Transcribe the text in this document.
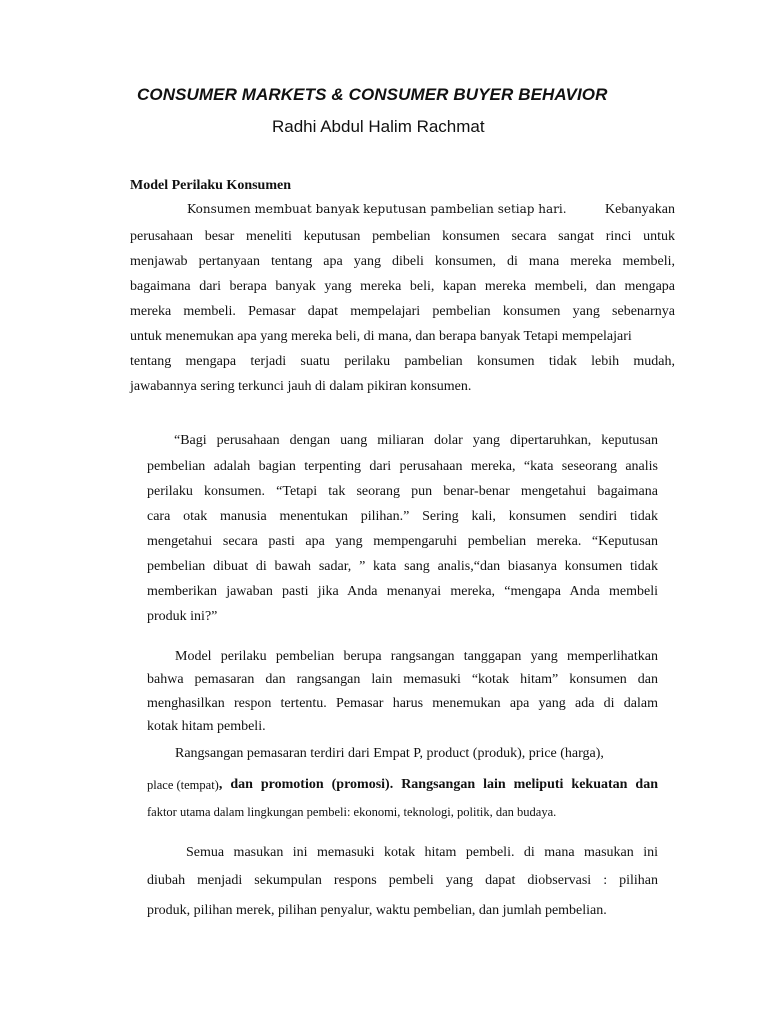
CONSUMER MARKETS & CONSUMER BUYER BEHAVIOR
Radhi Abdul Halim Rachmat
Model Perilaku Konsumen
Konsumen membuat banyak keputusan pambelian setiap hari.	Kebanyakan
perusahaan besar meneliti keputusan pembelian konsumen secara sangat rinci untuk
menjawab pertanyaan tentang apa yang dibeli konsumen, di mana mereka membeli,
bagaimana dari berapa banyak yang mereka beli, kapan mereka membeli, dan mengapa
mereka membeli. Pemasar dapat mempelajari pembelian konsumen yang sebenarnya
untuk menemukan apa yang mereka beli, di mana, dan berapa banyak Tetapi mempelajari
tentang mengapa terjadi suatu perilaku pambelian konsumen tidak lebih mudah,
jawabannya sering terkunci jauh di dalam pikiran konsumen.
“Bagi perusahaan dengan uang miliaran dolar yang dipertaruhkan, keputusan
pembelian adalah bagian terpenting dari perusahaan mereka, “kata seseorang analis
perilaku konsumen. “Tetapi tak seorang pun benar-benar mengetahui bagaimana
cara otak manusia menentukan pilihan.” Sering kali, konsumen sendiri tidak
mengetahui secara pasti apa yang mempengaruhi pembelian mereka. “Keputusan
pembelian dibuat di bawah sadar, ” kata sang analis,“dan biasanya konsumen tidak
memberikan jawaban pasti jika Anda menanyai mereka, “mengapa Anda membeli
produk ini?”
Model perilaku pembelian berupa rangsangan tanggapan yang memperlihatkan
bahwa pemasaran dan rangsangan lain memasuki “kotak hitam” konsumen dan
menghasilkan respon tertentu. Pemasar harus menemukan apa yang ada di dalam
kotak hitam pembeli.
Rangsangan pemasaran terdiri dari Empat P, product (produk), price (harga),
place (tempat) , dan promotion (promosi). Rangsangan lain meliputi kekuatan dan
faktor utama dalam lingkungan pembeli: ekonomi, teknologi, politik, dan budaya.
Semua masukan ini memasuki kotak hitam pembeli. di mana masukan ini
diubah menjadi sekumpulan respons pembeli yang dapat diobservasi : pilihan
produk, pilihan merek, pilihan penyalur, waktu pembelian, dan jumlah pembelian.
